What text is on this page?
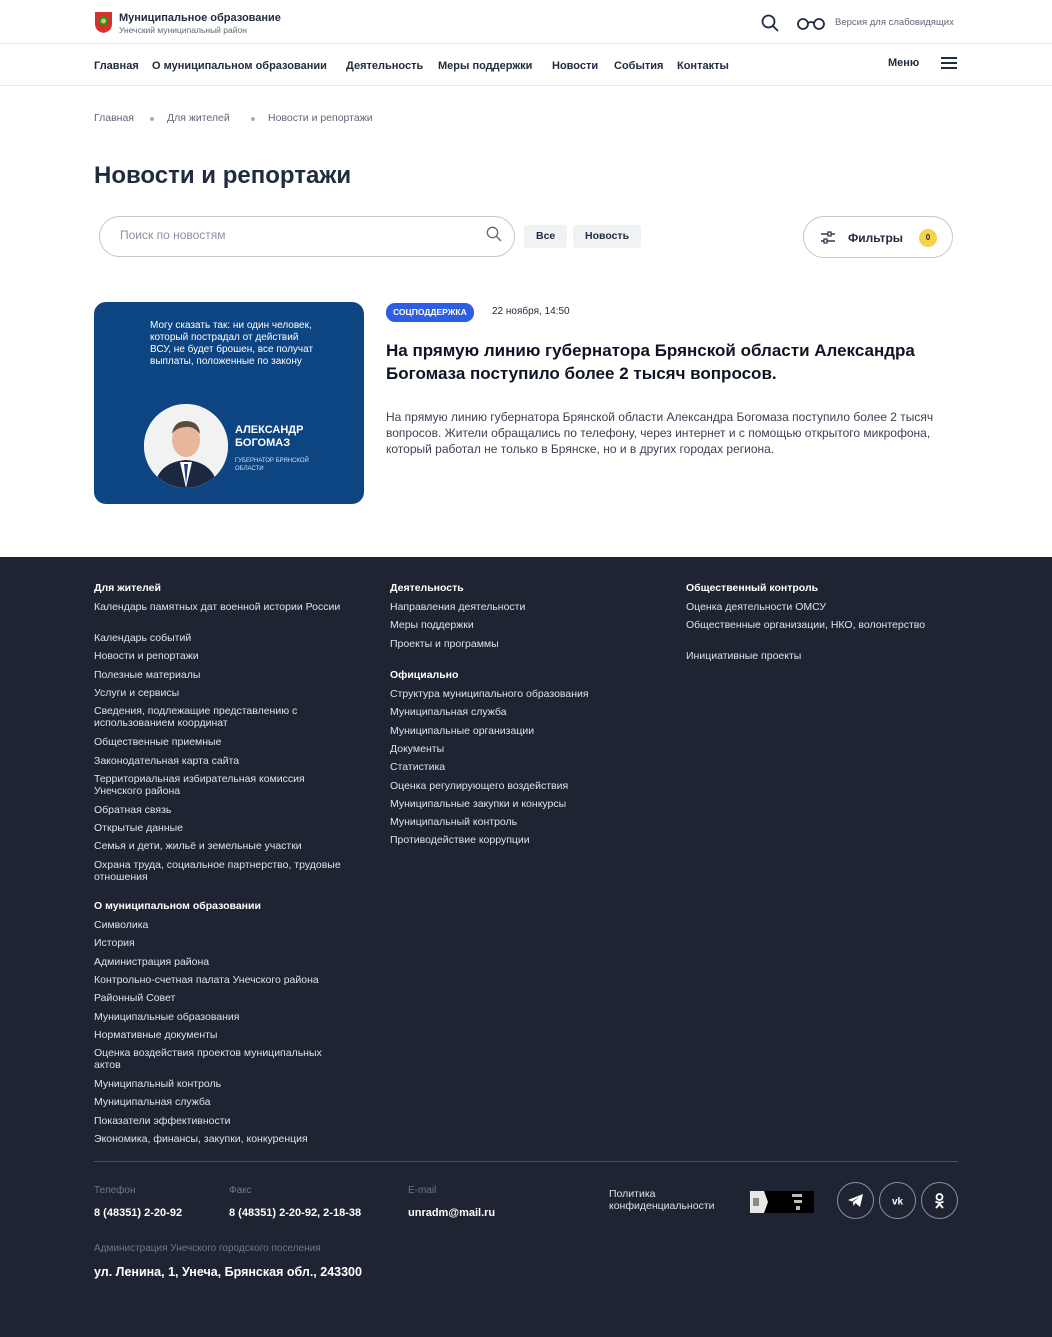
Муниципальное образование
Унечский муниципальный район
Версия для слабовидящих
Главная О муниципальном образовании Деятельность Меры поддержки Новости События Контакты	Меню
Главная	Для жителей	Новости и репортажи
Новости и репортажи
Поиск по новостям
Все	Новость	Фильтры	0
Могу сказать так: ни один человек, который пострадал от действий ВСУ, не будет брошен, все получат выплаты, положенные по закону
АЛЕКСАНДР БОГОМАЗ
ГУБЕРНАТОР БРЯНСКОЙ ОБЛАСТИ
СОЦПОДДЕРЖКА	22 ноября, 14:50
На прямую линию губернатора Брянской области Александра Богомаза поступило более 2 тысяч вопросов.
На прямую линию губернатора Брянской области Александра Богомаза поступило более 2 тысяч вопросов. Жители обращались по телефону, через интернет и с помощью открытого микрофона, который работал не только в Брянске, но и в других городах региона.
Для жителей
Календарь памятных дат военной истории России
Календарь событий
Новости и репортажи
Полезные материалы
Услуги и сервисы
Сведения, подлежащие представлению с использованием координат
Общественные приемные
Законодательная карта сайта
Территориальная избирательная комиссия Унечского района
Обратная связь
Открытые данные
Семья и дети, жильё и земельные участки
Охрана труда, социальное партнерство, трудовые отношения
О муниципальном образовании
Символика
История
Администрация района
Контрольно-счетная палата Унечского района
Районный Совет
Муниципальные образования
Нормативные документы
Оценка воздействия проектов муниципальных актов
Муниципальный контроль
Муниципальная служба
Показатели эффективности
Экономика, финансы, закупки, конкуренция
Деятельность
Направления деятельности
Меры поддержки
Проекты и программы
Официально
Структура муниципального образования
Муниципальная служба
Муниципальные организации
Документы
Статистика
Оценка регулирующего воздействия
Муниципальные закупки и конкурсы
Муниципальный контроль
Противодействие коррупции
Общественный контроль
Оценка деятельности ОМСУ
Общественные организации, НКО, волонтерство
Инициативные проекты
Телефон
8 (48351) 2-20-92
Факс
8 (48351) 2-20-92, 2-18-38
E-mail
unradm@mail.ru
Политика конфиденциальности	vk
Администрация Унечского городского поселения
ул. Ленина, 1, Унеча, Брянская обл., 243300
